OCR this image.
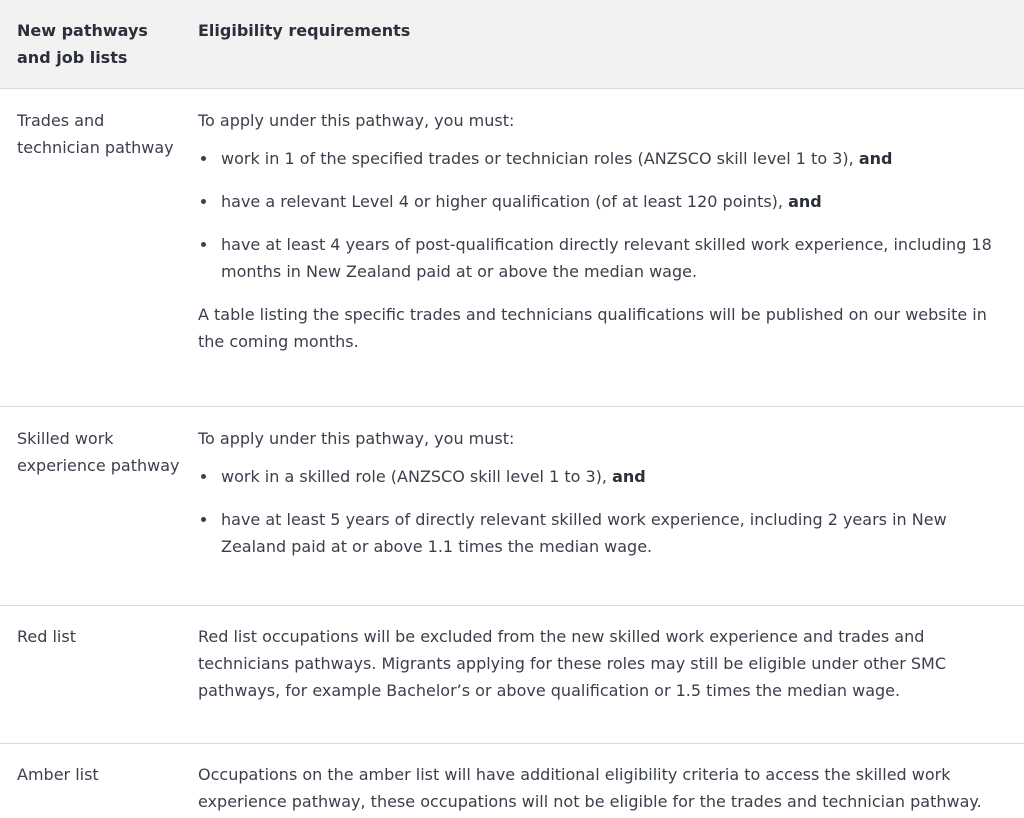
New pathways and job lists
Eligibility requirements
Trades and technician pathway

To apply under this pathway, you must:

work in 1 of the specified trades or technician roles (ANZSCO skill level 1 to 3), and
have a relevant Level 4 or higher qualification (of at least 120 points), and
have at least 4 years of post-qualification directly relevant skilled work experience, including 18 months in New Zealand paid at or above the median wage.

A table listing the specific trades and technicians qualifications will be published on our website in the coming months.

Skilled work experience pathway

To apply under this pathway, you must:

work in a skilled role (ANZSCO skill level 1 to 3), and
have at least 5 years of directly relevant skilled work experience, including 2 years in New Zealand paid at or above 1.1 times the median wage.
Red list	Red list occupations will be excluded from the new skilled work experience and trades and technicians pathways. Migrants applying for these roles may still be eligible under other SMC pathways, for example Bachelor’s or above qualification or 1.5 times the median wage.

Amber list	Occupations on the amber list will have additional eligibility criteria to access the skilled work experience pathway, these occupations will not be eligible for the trades and technician pathway.
